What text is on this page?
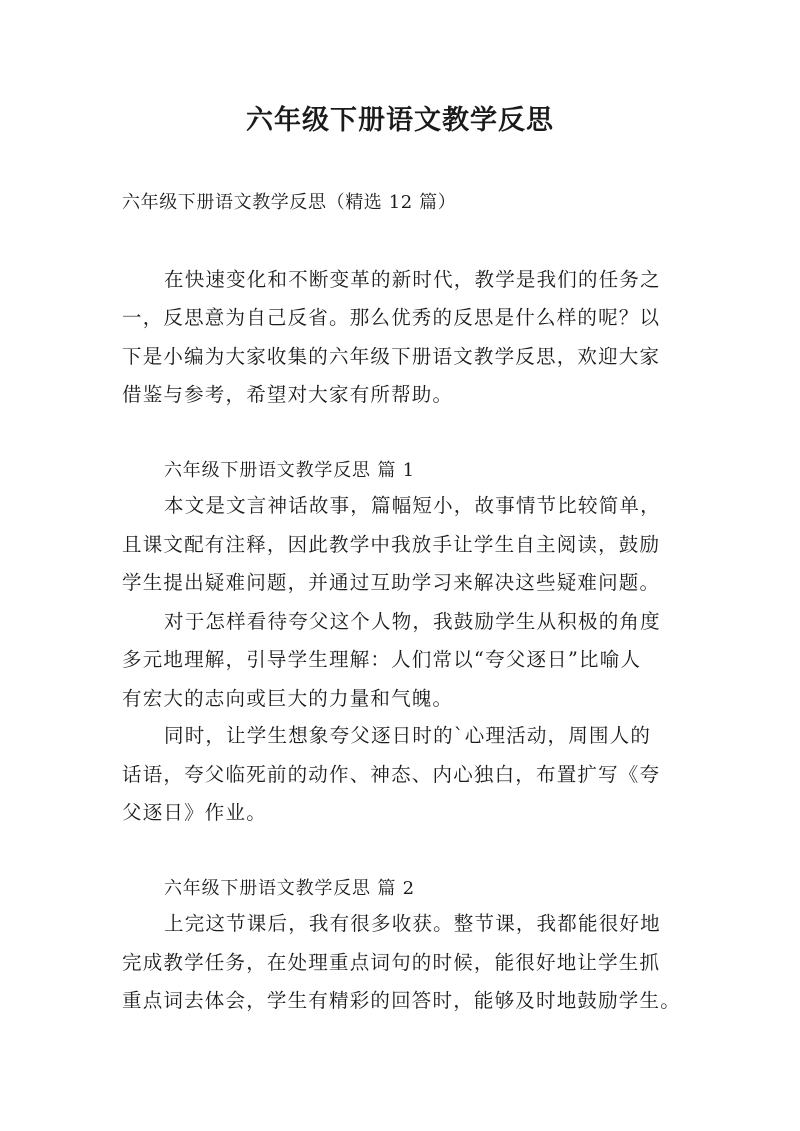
六年级下册语文教学反思

六年级下册语文教学反思（精选 12 篇）

在快速变化和不断变革的新时代，教学是我们的任务之

一，反思意为自己反省。那么优秀的反思是什么样的呢？以

下是小编为大家收集的六年级下册语文教学反思，欢迎大家

借鉴与参考，希望对大家有所帮助。

六年级下册语文教学反思 篇 1

本文是文言神话故事，篇幅短小，故事情节比较简单，

且课文配有注释，因此教学中我放手让学生自主阅读，鼓励

学生提出疑难问题，并通过互助学习来解决这些疑难问题。

对于怎样看待夸父这个人物，我鼓励学生从积极的角度

多元地理解，引导学生理解：人们常以“夸父逐日”比喻人

有宏大的志向或巨大的力量和气魄。

同时，让学生想象夸父逐日时的`心理活动，周围人的

话语，夸父临死前的动作、神态、内心独白，布置扩写《夸

父逐日》作业。

六年级下册语文教学反思 篇 2

上完这节课后，我有很多收获。整节课，我都能很好地

完成教学任务，在处理重点词句的时候，能很好地让学生抓

重点词去体会，学生有精彩的回答时，能够及时地鼓励学生。
